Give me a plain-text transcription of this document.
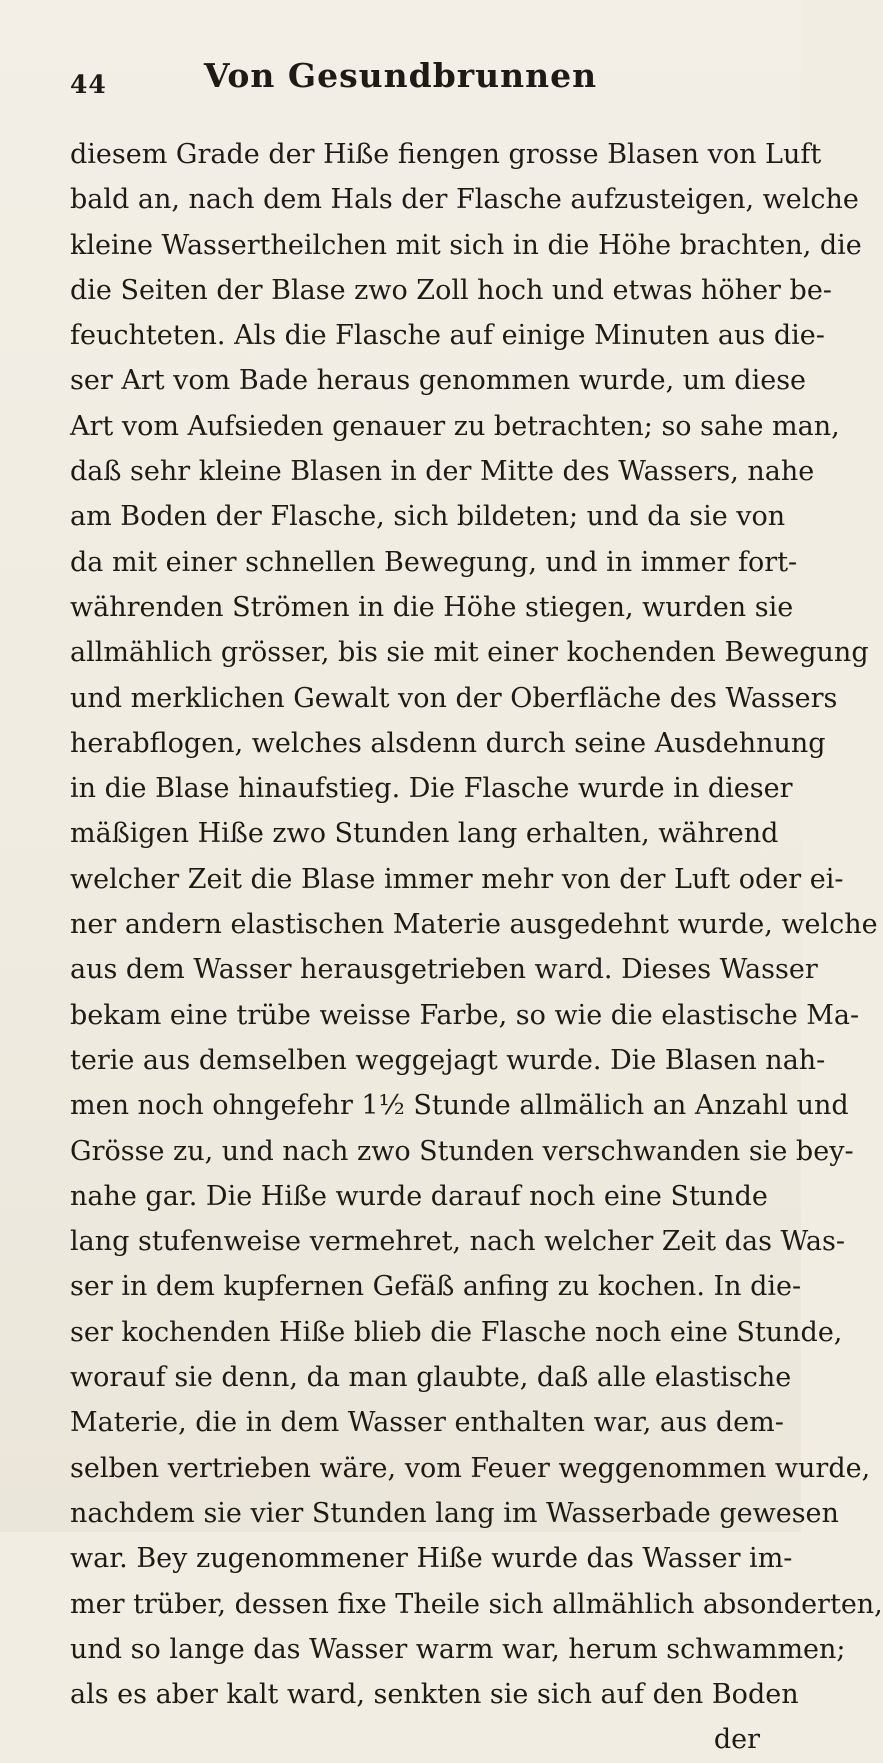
44	Von Gesundbrunnen
diesem Grade der Hiße fiengen grosse Blasen von Luft
bald an, nach dem Hals der Flasche aufzusteigen, welche
kleine Wassertheilchen mit sich in die Höhe brachten, die
die Seiten der Blase zwo Zoll hoch und etwas höher be-
feuchteten. Als die Flasche auf einige Minuten aus die-
ser Art vom Bade heraus genommen wurde, um diese
Art vom Aufsieden genauer zu betrachten; so sahe man,
daß sehr kleine Blasen in der Mitte des Wassers, nahe
am Boden der Flasche, sich bildeten; und da sie von
da mit einer schnellen Bewegung, und in immer fort-
währenden Strömen in die Höhe stiegen, wurden sie
allmählich grösser, bis sie mit einer kochenden Bewegung
und merklichen Gewalt von der Oberfläche des Wassers
herabflogen, welches alsdenn durch seine Ausdehnung
in die Blase hinaufstieg. Die Flasche wurde in dieser
mäßigen Hiße zwo Stunden lang erhalten, während
welcher Zeit die Blase immer mehr von der Luft oder ei-
ner andern elastischen Materie ausgedehnt wurde, welche
aus dem Wasser herausgetrieben ward. Dieses Wasser
bekam eine trübe weisse Farbe, so wie die elastische Ma-
terie aus demselben weggejagt wurde. Die Blasen nah-
men noch ohngefehr 1½ Stunde allmälich an Anzahl und
Grösse zu, und nach zwo Stunden verschwanden sie bey-
nahe gar. Die Hiße wurde darauf noch eine Stunde
lang stufenweise vermehret, nach welcher Zeit das Was-
ser in dem kupfernen Gefäß anfing zu kochen. In die-
ser kochenden Hiße blieb die Flasche noch eine Stunde,
worauf sie denn, da man glaubte, daß alle elastische
Materie, die in dem Wasser enthalten war, aus dem-
selben vertrieben wäre, vom Feuer weggenommen wurde,
nachdem sie vier Stunden lang im Wasserbade gewesen
war. Bey zugenommener Hiße wurde das Wasser im-
mer trüber, dessen fixe Theile sich allmählich absonderten,
und so lange das Wasser warm war, herum schwammen;
als es aber kalt ward, senkten sie sich auf den Boden
der
